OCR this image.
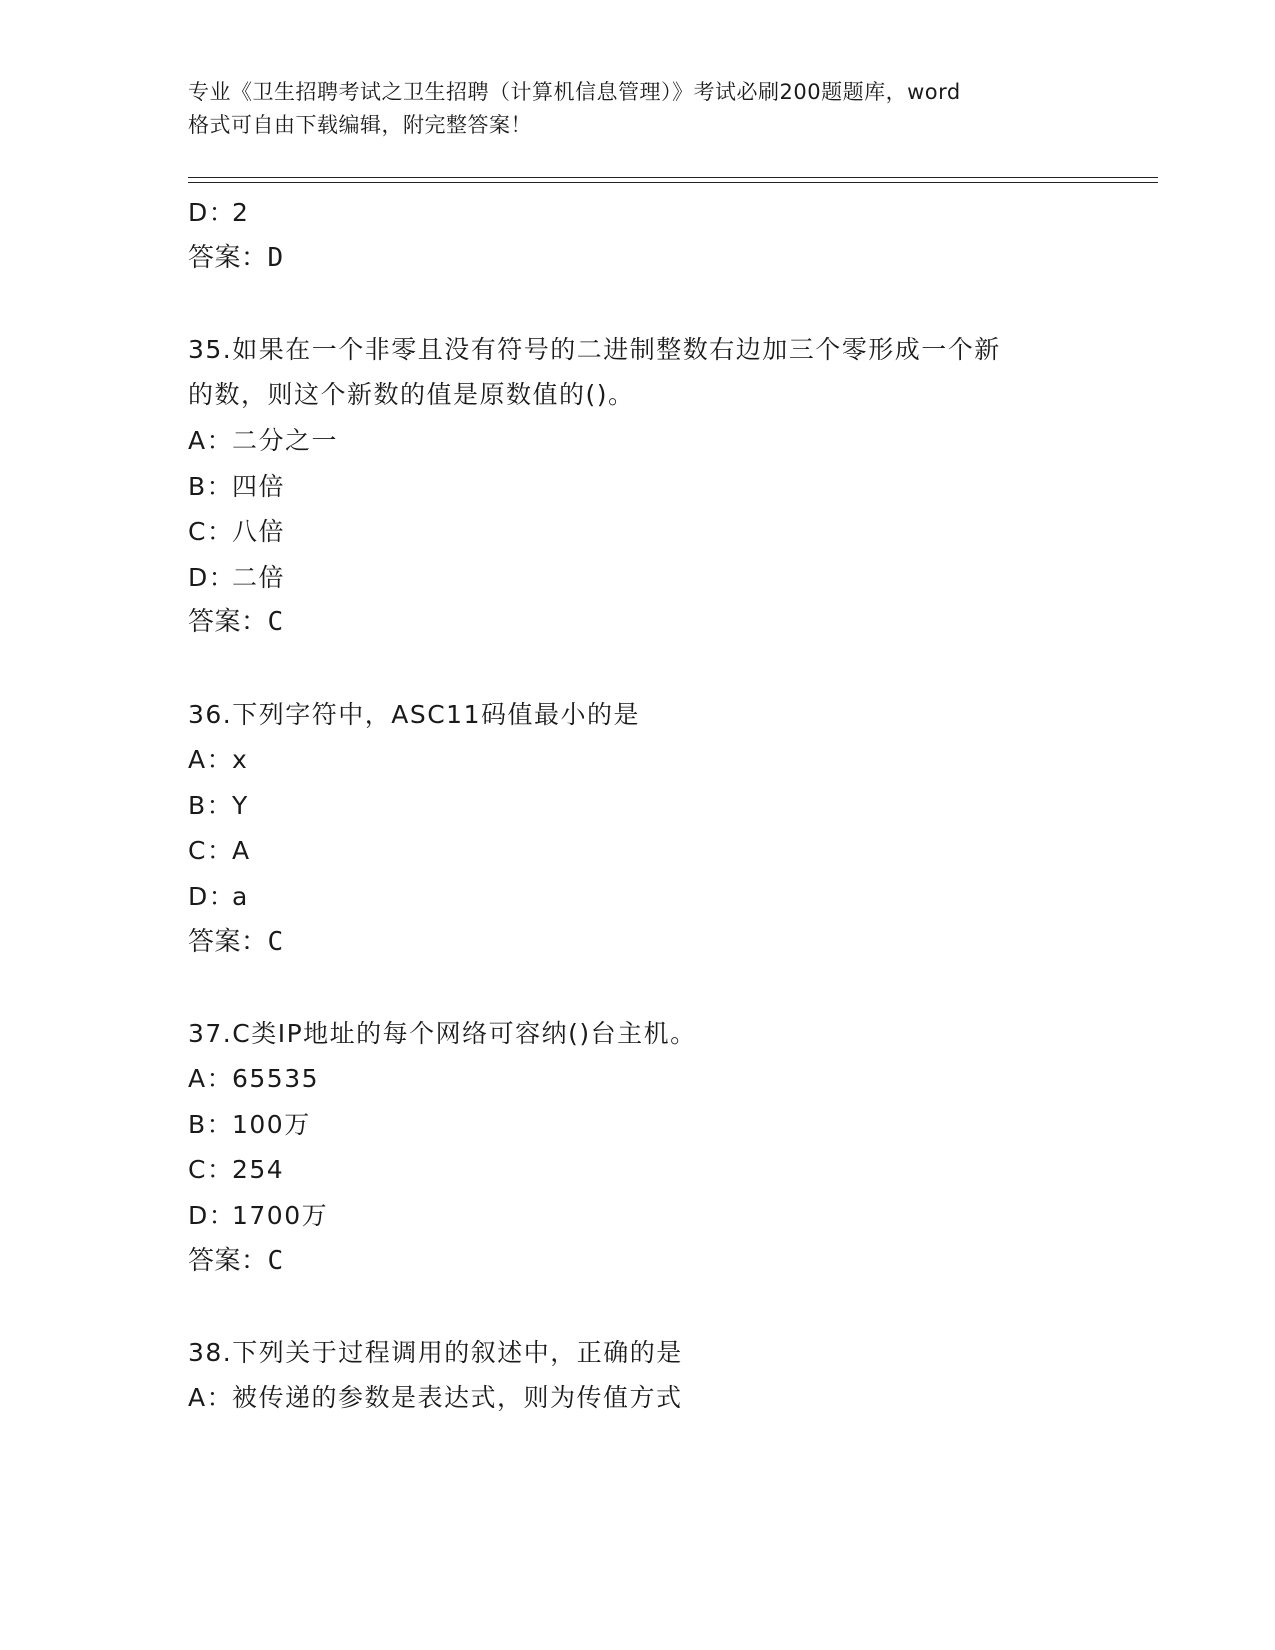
专业《卫生招聘考试之卫生招聘（计算机信息管理）》考试必刷200题题库，word
格式可自由下载编辑，附完整答案！
D：2
答案：D
35.如果在一个非零且没有符号的二进制整数右边加三个零形成一个新
的数，则这个新数的值是原数值的()。
A：二分之一
B：四倍
C：八倍
D：二倍
答案：C
36.下列字符中，ASC11码值最小的是
A：x
B：Y
C：A
D：a
答案：C
37.C类IP地址的每个网络可容纳()台主机。
A：65535
B：100万
C：254
D：1700万
答案：C
38.下列关于过程调用的叙述中，正确的是
A：被传递的参数是表达式，则为传值方式
